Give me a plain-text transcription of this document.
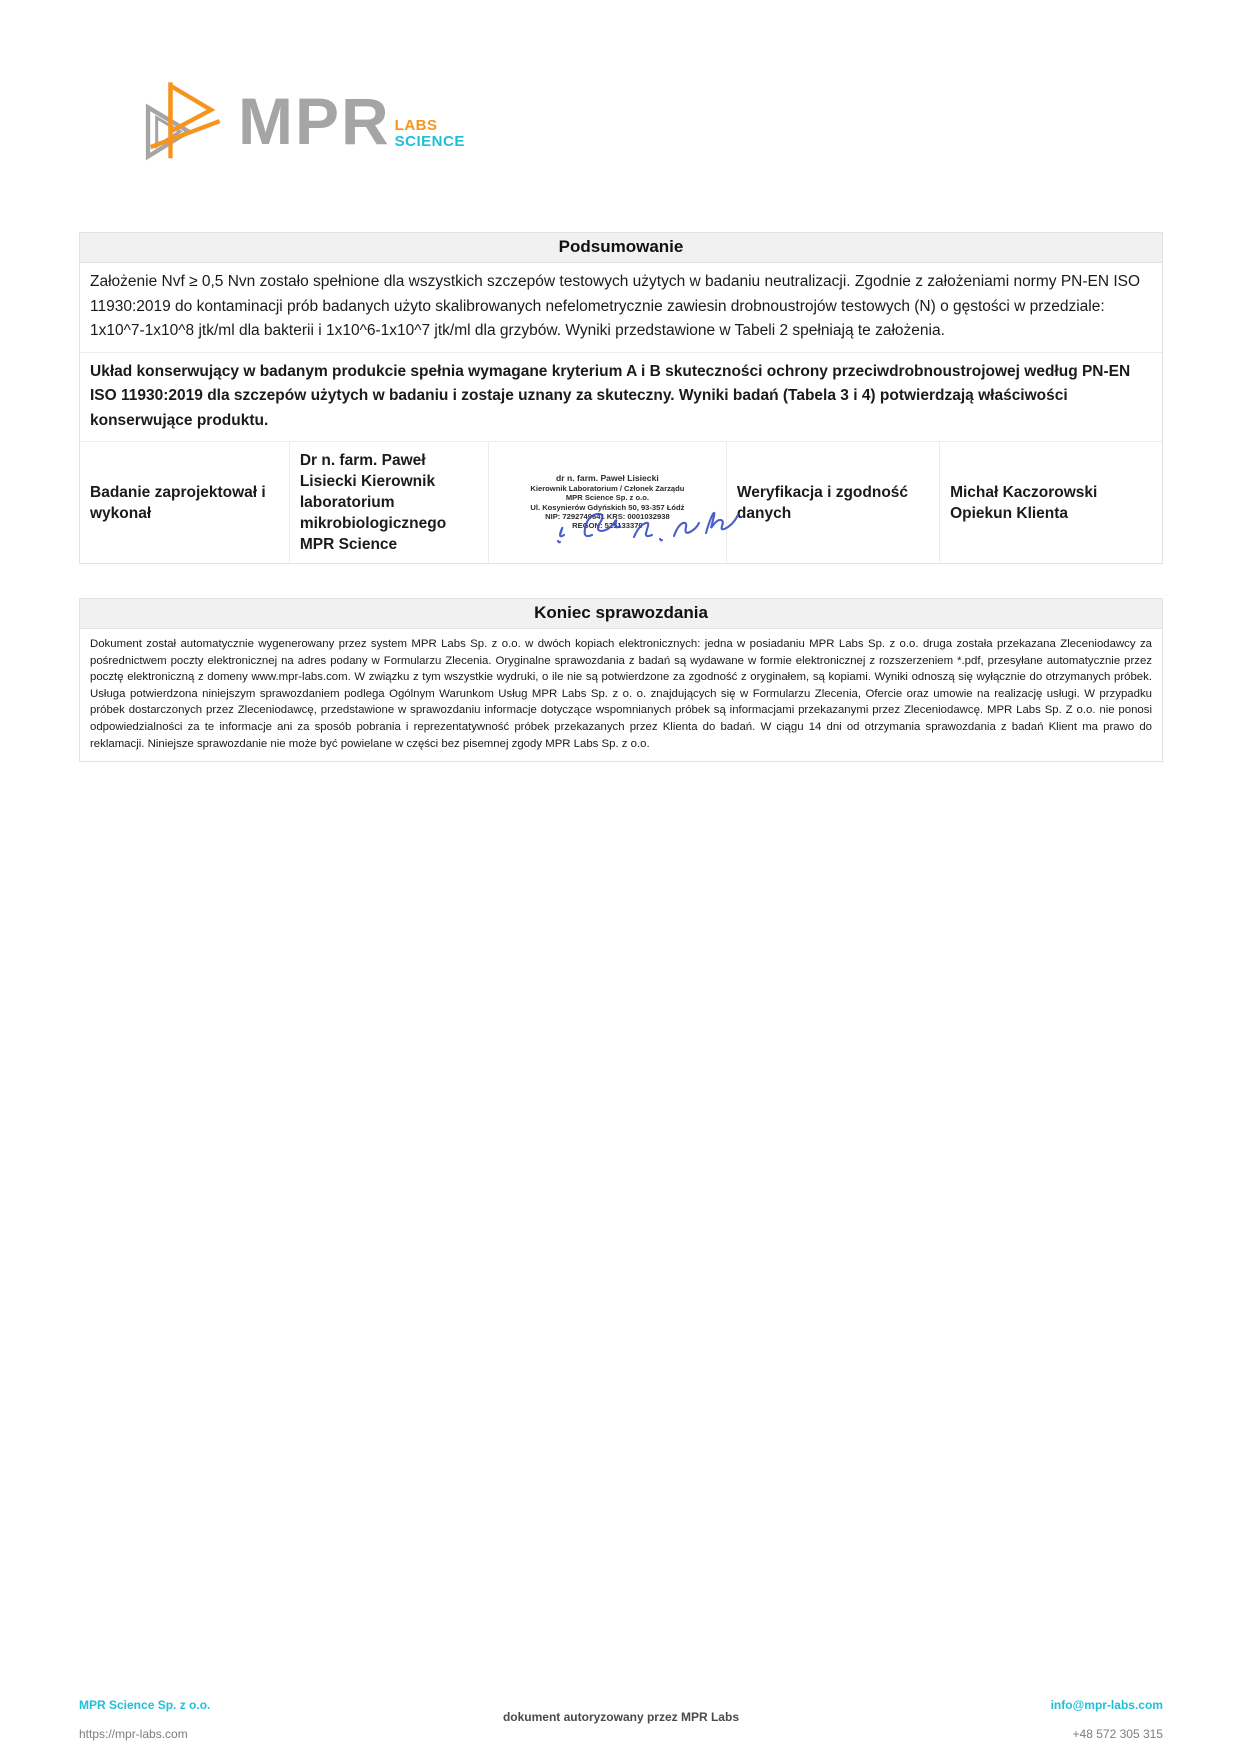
MPR LABS
SCIENCE
Podsumowanie
Założenie Nvf ≥ 0,5 Nvn zostało spełnione dla wszystkich szczepów testowych użytych w badaniu neutralizacji. Zgodnie z założeniami normy PN-EN ISO 11930:2019 do kontaminacji prób badanych użyto skalibrowanych nefelometrycznie zawiesin drobnoustrojów testowych (N) o gęstości w przedziale: 1x10^7-1x10^8 jtk/ml dla bakterii i 1x10^6-1x10^7 jtk/ml dla grzybów. Wyniki przedstawione w Tabeli 2 spełniają te założenia.
Układ konserwujący w badanym produkcie spełnia wymagane kryterium A i B skuteczności ochrony przeciwdrobnoustrojowej według PN-EN ISO 11930:2019 dla szczepów użytych w badaniu i zostaje uznany za skuteczny. Wyniki badań (Tabela 3 i 4) potwierdzają właściwości konserwujące produktu.
Badanie zaprojektował i wykonał
Dr n. farm. Paweł Lisiecki Kierownik laboratorium mikrobiologicznego MPR Science
dr n. farm. Paweł Lisiecki
Kierownik Laboratorium / Członek Zarządu
MPR Science Sp. z o.o.
Ul. Kosynierów Gdyńskich 50, 93-357 Łódź
NIP: 7292749641 KRS: 0001032938
REGON: 525133370
Weryfikacja i zgodność danych
Michał Kaczorowski Opiekun Klienta
Koniec sprawozdania
Dokument został automatycznie wygenerowany przez system MPR Labs Sp. z o.o. w dwóch kopiach elektronicznych: jedna w posiadaniu MPR Labs Sp. z o.o. druga została przekazana Zleceniodawcy za pośrednictwem poczty elektronicznej na adres podany w Formularzu Zlecenia. Oryginalne sprawozdania z badań są wydawane w formie elektronicznej z rozszerzeniem *.pdf, przesyłane automatycznie przez pocztę elektroniczną z domeny www.mpr-labs.com. W związku z tym wszystkie wydruki, o ile nie są potwierdzone za zgodność z oryginałem, są kopiami. Wyniki odnoszą się wyłącznie do otrzymanych próbek. Usługa potwierdzona niniejszym sprawozdaniem podlega Ogólnym Warunkom Usług MPR Labs Sp. z o. o. znajdujących się w Formularzu Zlecenia, Ofercie oraz umowie na realizację usługi. W przypadku próbek dostarczonych przez Zleceniodawcę, przedstawione w sprawozdaniu informacje dotyczące wspomnianych próbek są informacjami przekazanymi przez Zleceniodawcę. MPR Labs Sp. Z o.o. nie ponosi odpowiedzialności za te informacje ani za sposób pobrania i reprezentatywność próbek przekazanych przez Klienta do badań. W ciągu 14 dni od otrzymania sprawozdania z badań Klient ma prawo do reklamacji. Niniejsze sprawozdanie nie może być powielane w części bez pisemnej zgody MPR Labs Sp. z o.o.
MPR Science Sp. z o.o.
https://mpr-labs.com
dokument autoryzowany przez MPR Labs
info@mpr-labs.com
+48 572 305 315
